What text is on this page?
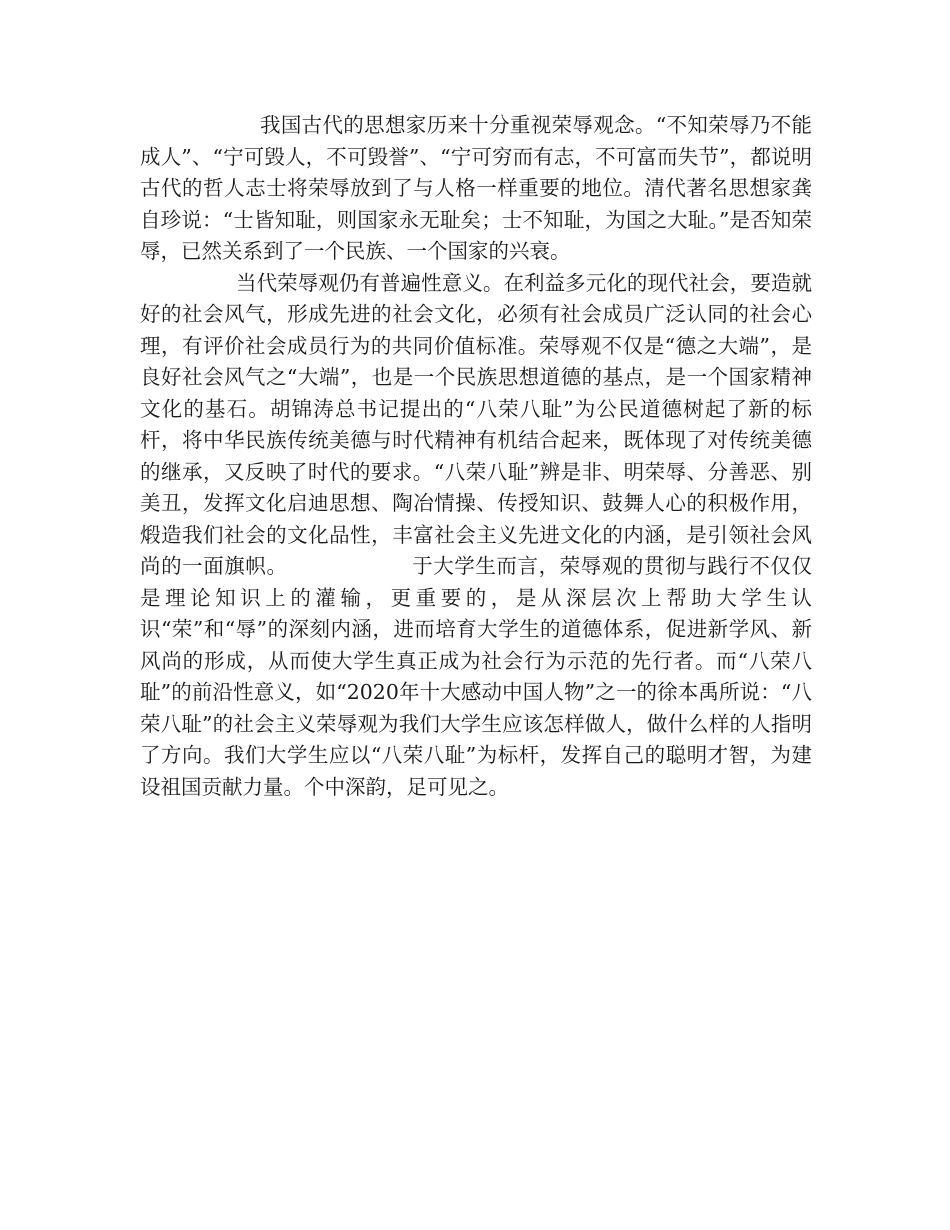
我国古代的思想家历来十分重视荣辱观念。“不知荣辱乃不能成人”、“宁可毁人，不可毁誉”、“宁可穷而有志，不可富而失节”，都说明古代的哲人志士将荣辱放到了与人格一样重要的地位。清代著名思想家龚自珍说：“士皆知耻，则国家永无耻矣；士不知耻，为国之大耻。”是否知荣辱，已然关系到了一个民族、一个国家的兴衰。

当代荣辱观仍有普遍性意义。在利益多元化的现代社会，要造就好的社会风气，形成先进的社会文化，必须有社会成员广泛认同的社会心理，有评价社会成员行为的共同价值标准。荣辱观不仅是“德之大端”，是良好社会风气之“大端”，也是一个民族思想道德的基点，是一个国家精神文化的基石。胡锦涛总书记提出的“八荣八耻”为公民道德树起了新的标杆，将中华民族传统美德与时代精神有机结合起来，既体现了对传统美德的继承，又反映了时代的要求。“八荣八耻”辨是非、明荣辱、分善恶、别美丑，发挥文化启迪思想、陶冶情操、传授知识、鼓舞人心的积极作用，煅造我们社会的文化品性，丰富社会主义先进文化的内涵，是引领社会风尚的一面旗帜。	于大学生而言，荣辱观的贯彻与践行不仅仅是理论知识上的灌输，更重要的，是从深层次上帮助大学生认识“荣”和“辱”的深刻内涵，进而培育大学生的道德体系，促进新学风、新风尚的形成，从而使大学生真正成为社会行为示范的先行者。而“八荣八耻”的前沿性意义，如“2020年十大感动中国人物”之一的徐本禹所说：“八荣八耻”的社会主义荣辱观为我们大学生应该怎样做人，做什么样的人指明了方向。我们大学生应以“八荣八耻”为标杆，发挥自己的聪明才智，为建设祖国贡献力量。个中深韵，足可见之。
